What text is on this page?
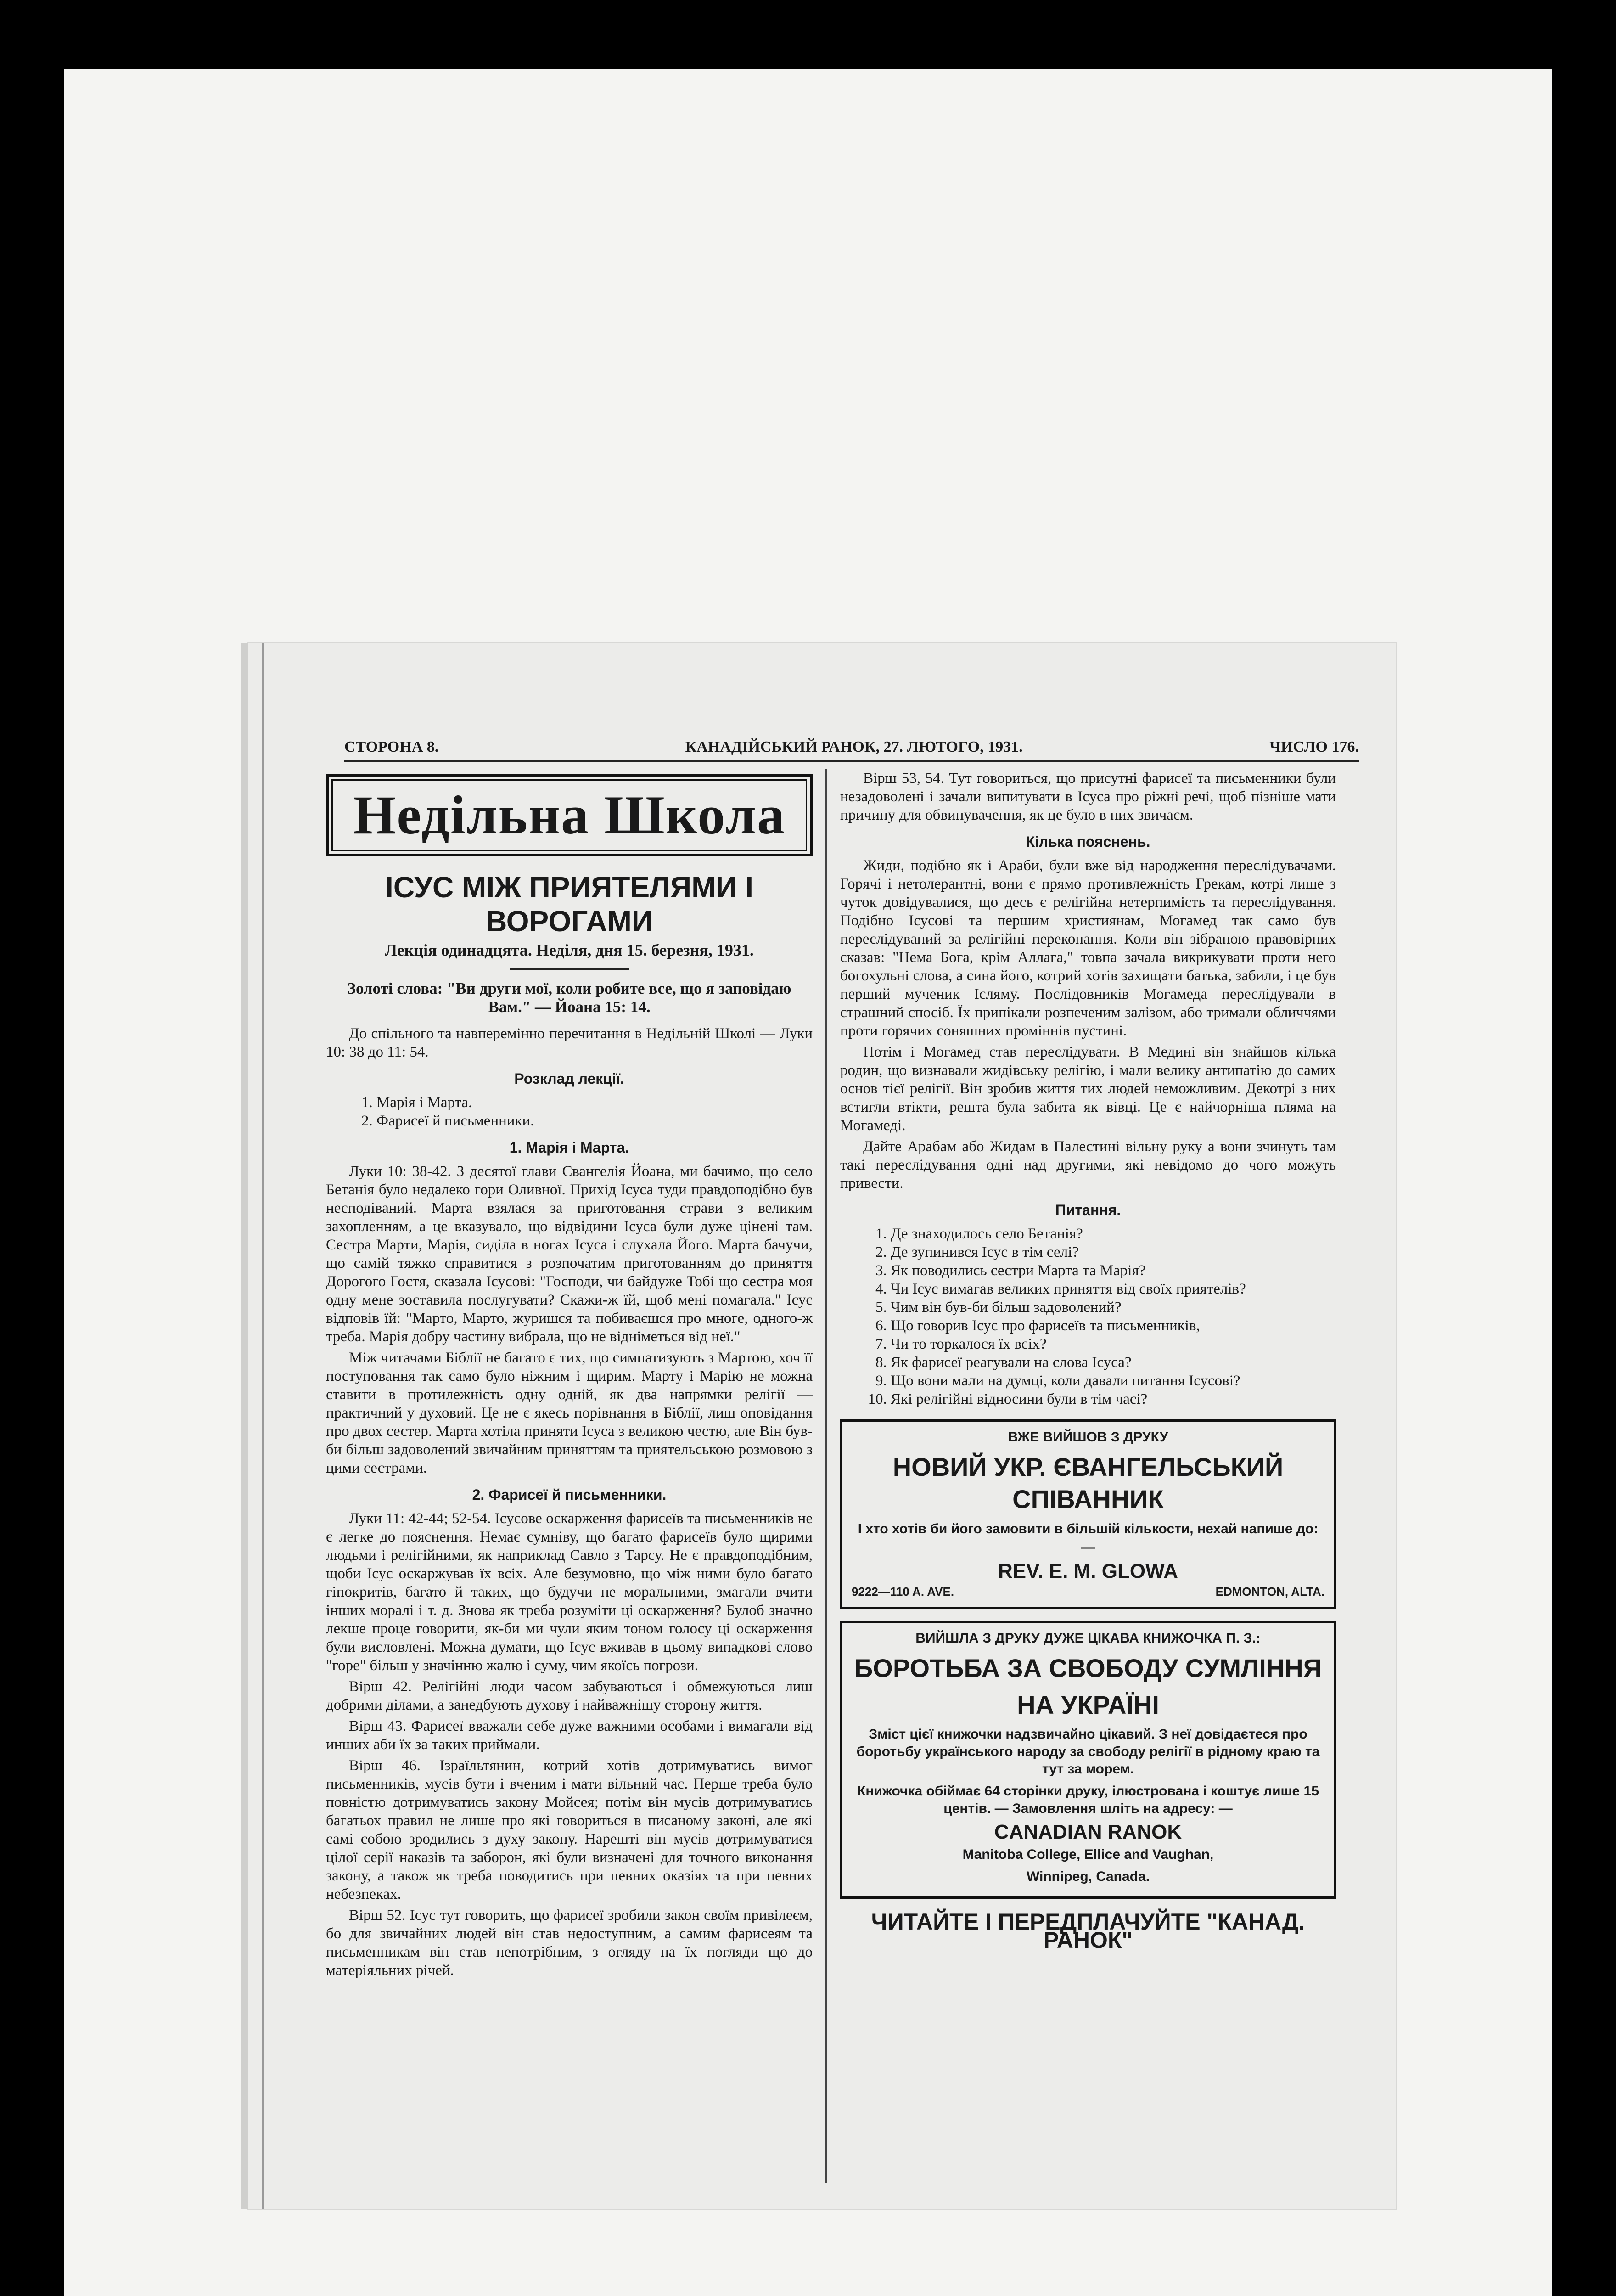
СТОРОНА 8.	КАНАДІЙСЬКИЙ РАНОК, 27. ЛЮТОГО, 1931.	ЧИСЛО 176.
Недільна Школа
ІСУС МІЖ ПРИЯТЕЛЯМИ І ВОРОГАМИ
Лекція одинадцята. Неділя, дня 15. березня, 1931.
Золоті слова: "Ви други мої, коли робите все, що я заповідаю Вам." — Йоана 15: 14.

До спільного та навперемінно перечитання в Недільній Школі — Луки 10: 38 до 11: 54.

Розклад лекції.
1. Марія і Марта.
2. Фарисеї й письменники.
1. Марія і Марта.

Луки 10: 38-42. З десятої глави Євангелія Йоана, ми бачимо, що село Бетанія було недалеко гори Оливної. Прихід Ісуса туди правдоподібно був несподіваний. Марта взялася за приготовання страви з великим захопленням, а це вказувало, що відвідини Ісуса були дуже цінені там. Сестра Марти, Марія, сиділа в ногах Ісуса і слухала Його. Марта бачучи, що самій тяжко справитися з розпочатим приготованням до приняття Дорогого Гостя, сказала Ісусові: "Господи, чи байдуже Тобі що сестра моя одну мене зоставила послугувати? Скажи-ж їй, щоб мені помагала." Ісус відповів їй: "Марто, Марто, журишся та побиваєшся про многе, одного-ж треба. Марія добру частину вибрала, що не відніметься від неї."

Між читачами Біблії не багато є тих, що симпатизують з Мартою, хоч її поступовання так само було ніжним і щирим. Марту і Марію не можна ставити в протилежність одну одній, як два напрямки релігії — практичний у духовий. Це не є якесь порівнання в Біблії, лиш оповідання про двох сестер. Марта хотіла приняти Ісуса з великою честю, але Він був-би більш задоволений звичайним приняттям та приятельською розмовою з цими сестрами.

2. Фарисеї й письменники.

Луки 11: 42-44; 52-54. Ісусове оскарження фарисеїв та письменників не є легке до пояснення. Немає сумніву, що багато фарисеїв було щирими людьми і релігійними, як наприклад Савло з Тарсу. Не є правдоподібним, щоби Ісус оскаржував їх всіх. Але безумовно, що між ними було багато гіпокритів, багато й таких, що будучи не моральними, змагали вчити інших моралі і т. д. Знова як треба розуміти ці оскарження? Булоб значно лекше проце говорити, як-би ми чули яким тоном голосу ці оскарження були висловлені. Можна думати, що Ісус вживав в цьому випадкові слово "горе" більш у значінню жалю і суму, чим якоїсь погрози.

Вірш 42. Релігійні люди часом забуваються і обмежуються лиш добрими ділами, а занедбують духову і найважнішу сторону життя.

Вірш 43. Фарисеї вважали себе дуже важними особами і вимагали від инших аби їх за таких приймали.

Вірш 46. Ізраїльтянин, котрий хотів дотримуватись вимог письменників, мусів бути і вченим і мати вільний час. Перше треба було повністю дотримуватись закону Мойсея; потім він мусів дотримуватись багатьох правил не лише про які говориться в писаному законі, але які самі собою зродились з духу закону. Нарешті він мусів дотримуватися цілої серії наказів та заборон, які були визначені для точного виконання закону, а також як треба поводитись при певних оказіях та при певних небезпеках.

Вірш 52. Ісус тут говорить, що фарисеї зробили закон своїм привілеєм, бо для звичайних людей він став недоступним, а самим фарисеям та письменникам він став непотрібним, з огляду на їх погляди що до матеріяльних річей.

Вірш 53, 54. Тут говориться, що присутні фарисеї та письменники були незадоволені і зачали випитувати в Ісуса про ріжні речі, щоб пізніше мати причину для обвинувачення, як це було в них звичаєм.

Кілька пояснень.

Жиди, подібно як і Араби, були вже від народження переслідувачами. Горячі і нетолерантні, вони є прямо противлежність Грекам, котрі лише з чуток довідувалися, що десь є релігійна нетерпимість та переслідування. Подібно Ісусові та першим християнам, Могамед так само був переслідуваний за релігійні переконання. Коли він зібраною правовірних сказав: "Нема Бога, крім Аллага," товпа зачала викрикувати проти него богохульні слова, а сина його, котрий хотів захищати батька, забили, і це був перший мученик Ісляму. Послідовників Могамеда переслідували в страшний спосіб. Їх припікали розпеченим залізом, або тримали обличчями проти горячих соняшних проміннів пустині.

Потім і Могамед став переслідувати. В Медині він знайшов кілька родин, що визнавали жидівську релігію, і мали велику антипатію до самих основ тієї релігії. Він зробив життя тих людей неможливим. Декотрі з них встигли втікти, решта була забита як вівці. Це є найчорніша пляма на Могамеді.

Дайте Арабам або Жидам в Палестині вільну руку а вони зчинуть там такі переслідування одні над другими, які невідомо до чого можуть привести.

Питання.
1. Де знаходилось село Бетанія?
2. Де зупинився Ісус в тім селі?
3. Як поводились сестри Марта та Марія?
4. Чи Ісус вимагав великих приняття від своїх приятелів?
5. Чим він був-би більш задоволений?
6. Що говорив Ісус про фарисеїв та письменників,
7. Чи то торкалося їх всіх?
8. Як фарисеї реагували на слова Ісуса?
9. Що вони мали на думці, коли давали питання Ісусові?
10. Які релігійні відносини були в тім часі?
ВЖЕ ВИЙШОВ З ДРУКУ
НОВИЙ УКР. ЄВАНГЕЛЬСЬКИЙ СПІВАННИК
І хто хотів би його замовити в більшій кількости, нехай напише до: —
REV. E. M. GLOWA
9222—110 A. AVE.	EDMONTON, ALTA.
ВИЙШЛА З ДРУКУ ДУЖЕ ЦІКАВА КНИЖОЧКА П. З.:
БОРОТЬБА ЗА СВОБОДУ СУМЛІННЯ
НА УКРАЇНІ
Зміст цієї книжочки надзвичайно цікавий. З неї довідаєтеся про боротьбу українського народу за свободу релігії в рідному краю та тут за морем.
Книжочка обіймає 64 сторінки друку, ілюстрована і коштує лише 15 центів. — Замовлення шліть на адресу: —
CANADIAN RANOK
Manitoba College, Ellice and Vaughan,
Winnipeg, Canada.
ЧИТАЙТЕ І ПЕРЕДПЛАЧУЙТЕ "КАНАД. РАНОК"
